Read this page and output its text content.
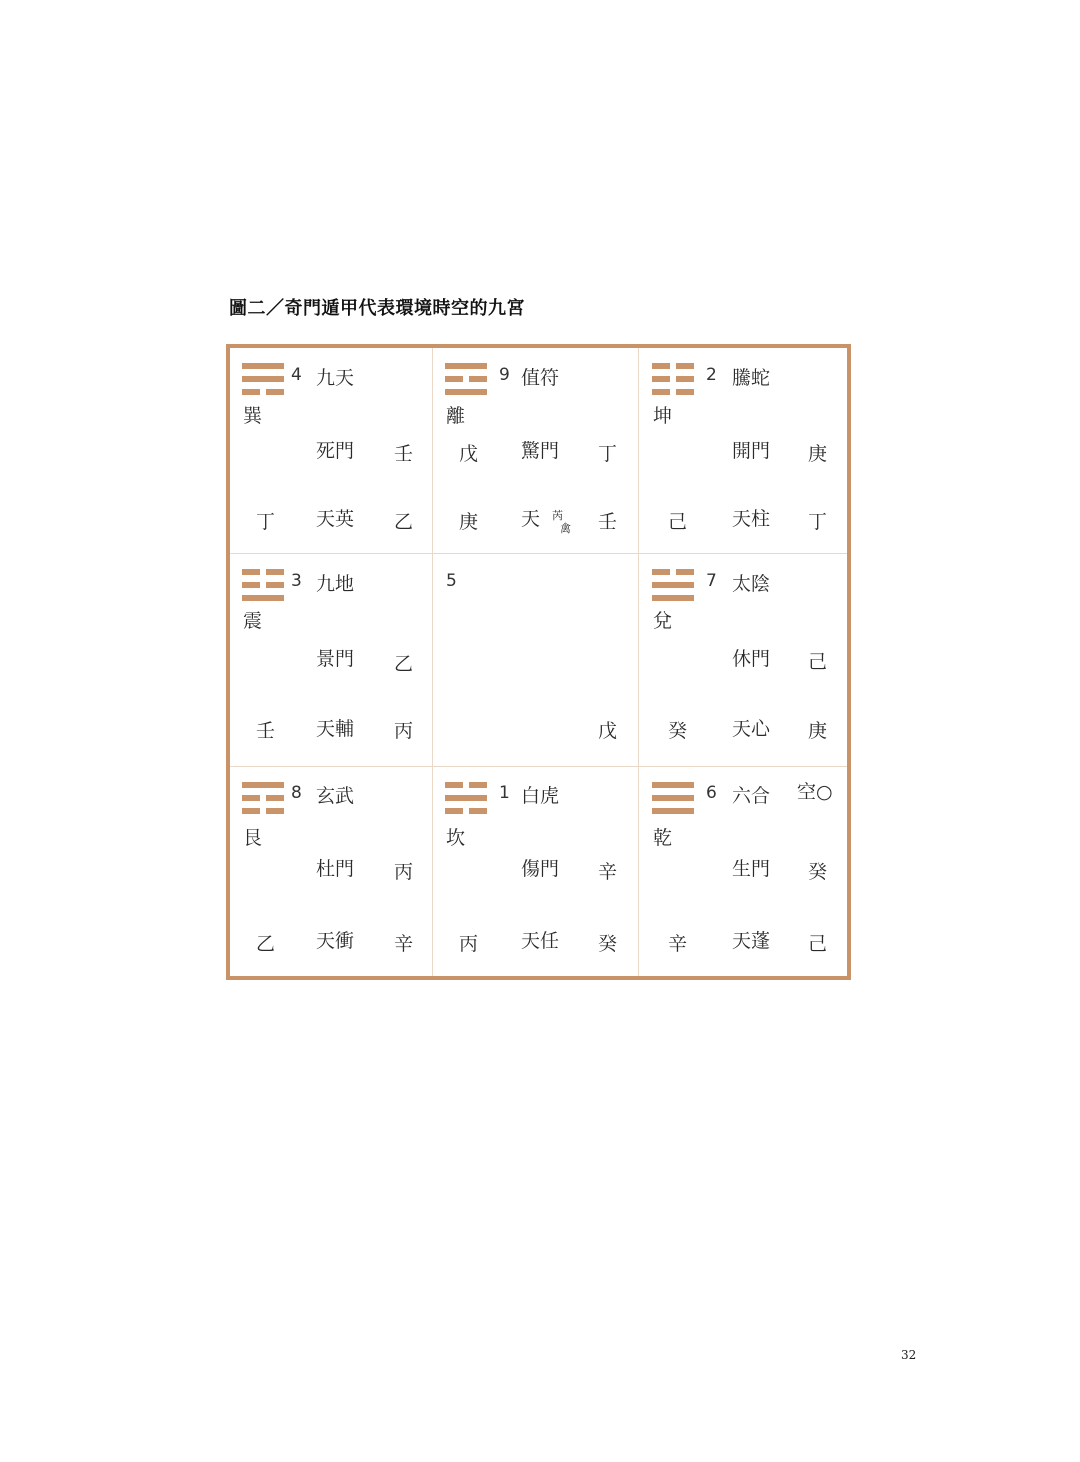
圖二／奇門遁甲代表環境時空的九宮
4 九天
巽
死門 壬
丁 天英 乙
9 值符
離
戊 驚門 丁
庚 天 芮
禽 壬
2 騰蛇
坤
開門 庚
己 天柱 丁
3 九地
震
景門 乙
壬 天輔 丙
5
戊
7 太陰
兌
休門 己
癸 天心 庚
8 玄武
艮
杜門 丙
乙 天衝 辛
1 白虎
坎
傷門 辛
丙 天任 癸
6 六合 空○
乾
生門 癸
辛 天蓬 己
32
